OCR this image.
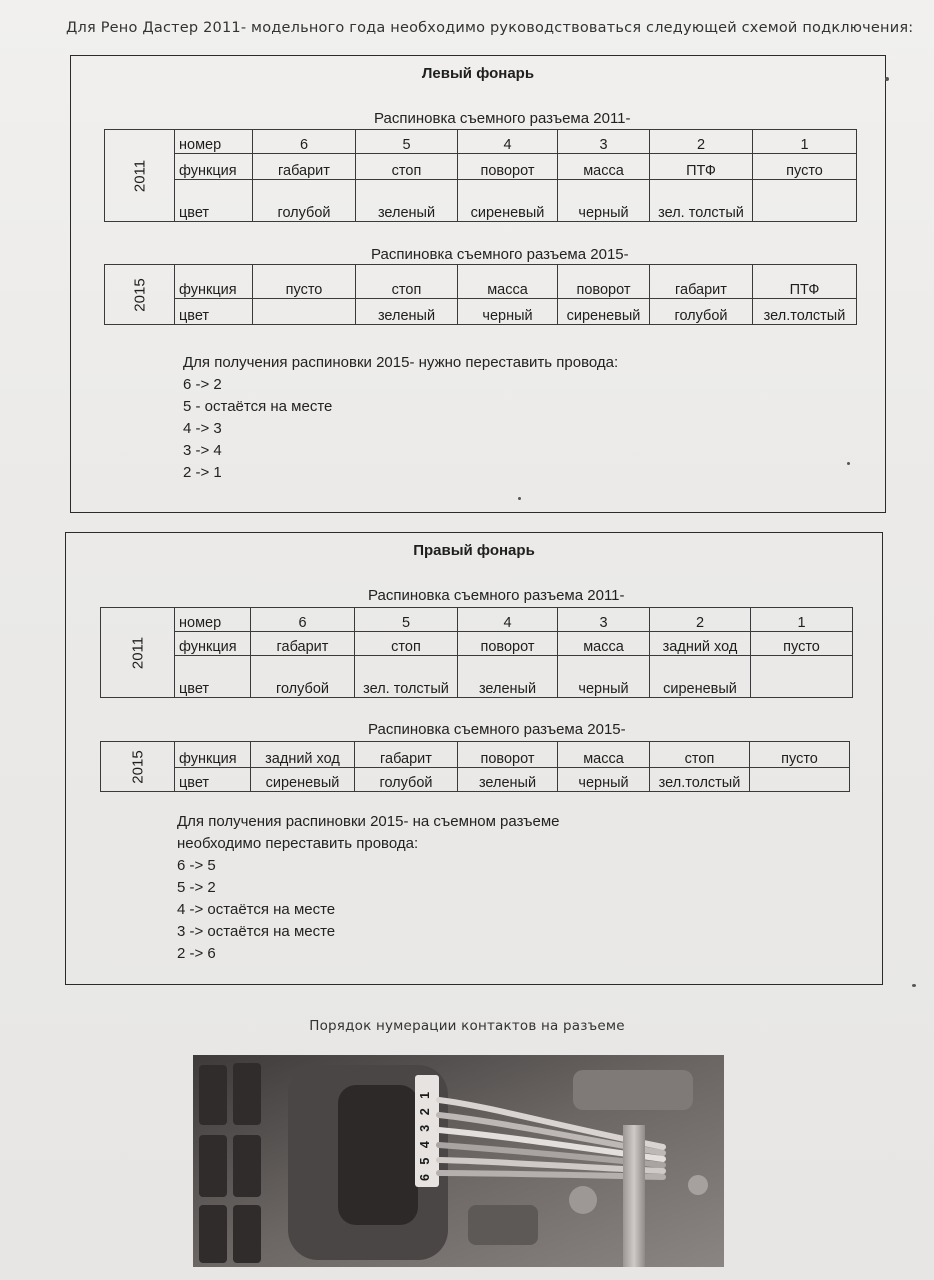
Для Рено Дастер 2011- модельного года необходимо руководствоваться следующей схемой подключения:
Левый фонарь
Распиновка съемного разъема 2011-
2011	номер	6	5	4	3	2	1
	функция	габарит	стоп	поворот	масса	ПТФ	пусто
	цвет	голубой	зеленый	сиреневый	черный	зел. толстый	
Распиновка съемного разъема 2015-
2015	функция	пусто	стоп	масса	поворот	габарит	ПТФ
	цвет		зеленый	черный	сиреневый	голубой	зел.толстый

Для получения распиновки 2015- нужно переставить провода:

6 -> 2

5 - остаётся на месте

4 -> 3

3 -> 4

2 -> 1

Правый фонарь
Распиновка съемного разъема 2011-
2011	номер	6	5	4	3	2	1
	функция	габарит	стоп	поворот	масса	задний ход	пусто
	цвет	голубой	зел. толстый	зеленый	черный	сиреневый	
Распиновка съемного разъема 2015-
2015	функция	задний ход	габарит	поворот	масса	стоп	пусто
	цвет	сиреневый	голубой	зеленый	черный	зел.толстый	

Для получения распиновки 2015- на съемном разъеме

необходимо переставить провода:

6 -> 5

5 -> 2

4 -> остаётся на месте

3 -> остаётся на месте

2 -> 6

Порядок нумерации контактов на разъеме
6 5 4 3 2 1
